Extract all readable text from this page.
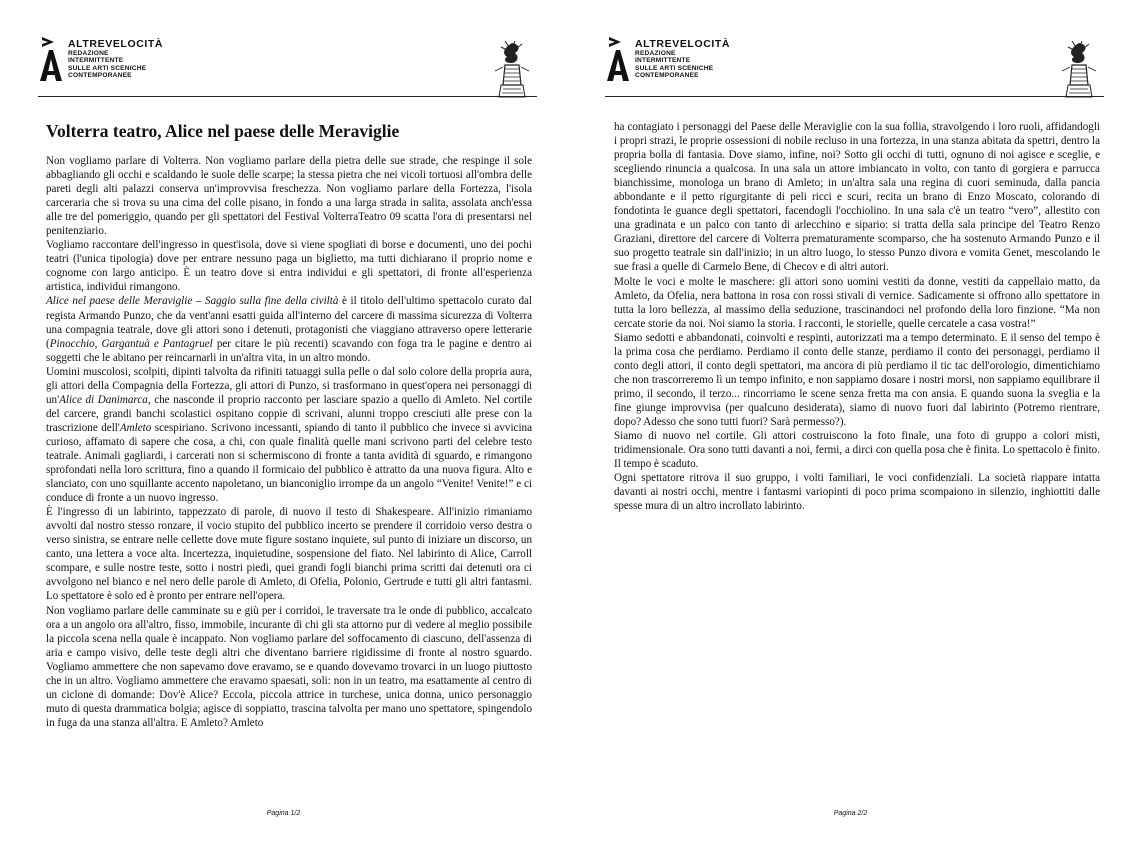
ALTREVELOCITÀ
REDAZIONE
INTERMITTENTE
SULLE ARTI SCENICHE
CONTEMPORANEE
Volterra teatro, Alice nel paese delle Meraviglie

Non vogliamo parlare di Volterra. Non vogliamo parlare della pietra delle sue strade, che respinge il sole abbagliando gli occhi e scaldando le suole delle scarpe; la stessa pietra che nei vicoli tortuosi all'ombra delle pareti degli alti palazzi conserva un'improvvisa freschezza. Non vogliamo parlare della Fortezza, l'isola carceraria che si trova su una cima del colle pisano, in fondo a una larga strada in salita, assolata anch'essa alle tre del pomeriggio, quando per gli spettatori del Festival VolterraTeatro 09 scatta l'ora di presentarsi nel penitenziario.

Vogliamo raccontare dell'ingresso in quest'isola, dove si viene spogliati di borse e documenti, uno dei pochi teatri (l'unica tipologia) dove per entrare nessuno paga un biglietto, ma tutti dichiarano il proprio nome e cognome con largo anticipo. È un teatro dove si entra individui e gli spettatori, di fronte all'esperienza artistica, individui rimangono.

Alice nel paese delle Meraviglie – Saggio sulla fine della civiltà è il titolo dell'ultimo spettacolo curato dal regista Armando Punzo, che da vent'anni esatti guida all'interno del carcere di massima sicurezza di Volterra una compagnia teatrale, dove gli attori sono i detenuti, protagonisti che viaggiano attraverso opere letterarie (Pinocchio, Gargantuà e Pantagruel per citare le più recenti) scavando con foga tra le pagine e dentro ai soggetti che le abitano per reincarnarli in un'altra vita, in un altro mondo.

Uomini muscolosi, scolpiti, dipinti talvolta da rifiniti tatuaggi sulla pelle o dal solo colore della propria aura, gli attori della Compagnia della Fortezza, gli attori di Punzo, si trasformano in quest'opera nei personaggi di un'Alice di Danimarca, che nasconde il proprio racconto per lasciare spazio a quello di Amleto. Nel cortile del carcere, grandi banchi scolastici ospitano coppie di scrivani, alunni troppo cresciuti alle prese con la trascrizione dell'Amleto scespiriano. Scrivono incessanti, spiando di tanto il pubblico che invece si avvicina curioso, affamato di sapere che cosa, a chi, con quale finalità quelle mani scrivono parti del celebre testo teatrale. Animali gagliardi, i carcerati non si schermiscono di fronte a tanta avidità di sguardo, e rimangono sprofondati nella loro scrittura, fino a quando il formicaio del pubblico è attratto da una nuova figura. Alto e slanciato, con uno squillante accento napoletano, un bianconiglio irrompe da un angolo “Venite! Venite!” e ci conduce di fronte a un nuovo ingresso.

È l'ingresso di un labirinto, tappezzato di parole, di nuovo il testo di Shakespeare. All'inizio rimaniamo avvolti dal nostro stesso ronzare, il vocio stupito del pubblico incerto se prendere il corridoio verso destra o verso sinistra, se entrare nelle cellette dove mute figure sostano inquiete, sul punto di iniziare un discorso, un canto, una lettera a voce alta. Incertezza, inquietudine, sospensione del fiato. Nel labirinto di Alice, Carroll scompare, e sulle nostre teste, sotto i nostri piedi, quei grandi fogli bianchi prima scritti dai detenuti ora ci avvolgono nel bianco e nel nero delle parole di Amleto, di Ofelia, Polonio, Gertrude e tutti gli altri fantasmi. Lo spettatore è solo ed è pronto per entrare nell'opera.

Non vogliamo parlare delle camminate su e giù per i corridoi, le traversate tra le onde di pubblico, accalcato ora a un angolo ora all'altro, fisso, immobile, incurante di chi gli sta attorno pur di vedere al meglio possibile la piccola scena nella quale è incappato. Non vogliamo parlare del soffocamento di ciascuno, dell'assenza di aria e campo visivo, delle teste degli altri che diventano barriere rigidissime di fronte al nostro sguardo. Vogliamo ammettere che non sapevamo dove eravamo, se e quando dovevamo trovarci in un luogo piuttosto che in un altro. Vogliamo ammettere che eravamo spaesati, soli: non in un teatro, ma esattamente al centro di un ciclone di domande: Dov'è Alice? Eccola, piccola attrice in turchese, unica donna, unico personaggio muto di questa drammatica bolgia; agisce di soppiatto, trascina talvolta per mano uno spettatore, spingendolo in fuga da una stanza all'altra. E Amleto? Amleto

Pagina 1/2
ALTREVELOCITÀ
REDAZIONE
INTERMITTENTE
SULLE ARTI SCENICHE
CONTEMPORANEE

ha contagiato i personaggi del Paese delle Meraviglie con la sua follia, stravolgendo i loro ruoli, affidandogli i propri strazi, le proprie ossessioni di nobile recluso in una fortezza, in una stanza abitata da spettri, dentro la propria bolla di fantasia. Dove siamo, infine, noi? Sotto gli occhi di tutti, ognuno di noi agisce e sceglie, e scegliendo rinuncia a qualcosa. In una sala un attore imbiancato in volto, con tanto di gorgiera e parrucca bianchissime, monologa un brano di Amleto; in un'altra sala una regina di cuori seminuda, dalla pancia abbondante e il petto rigurgitante di peli ricci e scuri, recita un brano di Enzo Moscato, colorando di fondotinta le guance degli spettatori, facendogli l'occhiolino. In una sala c'è un teatro “vero”, allestito con una gradinata e un palco con tanto di arlecchino e sipario: si tratta della sala principe del Teatro Renzo Graziani, direttore del carcere di Volterra prematuramente scomparso, che ha sostenuto Armando Punzo e il suo progetto teatrale sin dall'inizio; in un altro luogo, lo stesso Punzo divora e vomita Genet, mescolando le sue frasi a quelle di Carmelo Bene, di Checov e di altri autori.

Molte le voci e molte le maschere: gli attori sono uomini vestiti da donne, vestiti da cappellaio matto, da Amleto, da Ofelia, nera battona in rosa con rossi stivali di vernice. Sadicamente si offrono allo spettatore in tutta la loro bellezza, al massimo della seduzione, trascinandoci nel profondo della loro finzione. “Ma non cercate storie da noi. Noi siamo la storia. I racconti, le storielle, quelle cercatele a casa vostra!”

Siamo sedotti e abbandonati, coinvolti e respinti, autorizzati ma a tempo determinato. E il senso del tempo è la prima cosa che perdiamo. Perdiamo il conto delle stanze, perdiamo il conto dei personaggi, perdiamo il conto degli attori, il conto degli spettatori, ma ancora di più perdiamo il tic tac dell'orologio, dimentichiamo che non trascorreremo lì un tempo infinito, e non sappiamo dosare i nostri morsi, non sappiamo equilibrare il primo, il secondo, il terzo... rincorriamo le scene senza fretta ma con ansia. E quando suona la sveglia e la fine giunge improvvisa (per qualcuno desiderata), siamo di nuovo fuori dal labirinto (Potremo rientrare, dopo? Adesso che sono tutti fuori? Sarà permesso?).

Siamo di nuovo nel cortile. Gli attori costruiscono la foto finale, una foto di gruppo a colori misti, tridimensionale. Ora sono tutti davanti a noi, fermi, a dirci con quella posa che è finita. Lo spettacolo è finito. Il tempo è scaduto.

Ogni spettatore ritrova il suo gruppo, i volti familiari, le voci confidenziali. La società riappare intatta davanti ai nostri occhi, mentre i fantasmi variopinti di poco prima scompaiono in silenzio, inghiottiti dalle spesse mura di un altro incrollato labirinto.

Pagina 2/2
